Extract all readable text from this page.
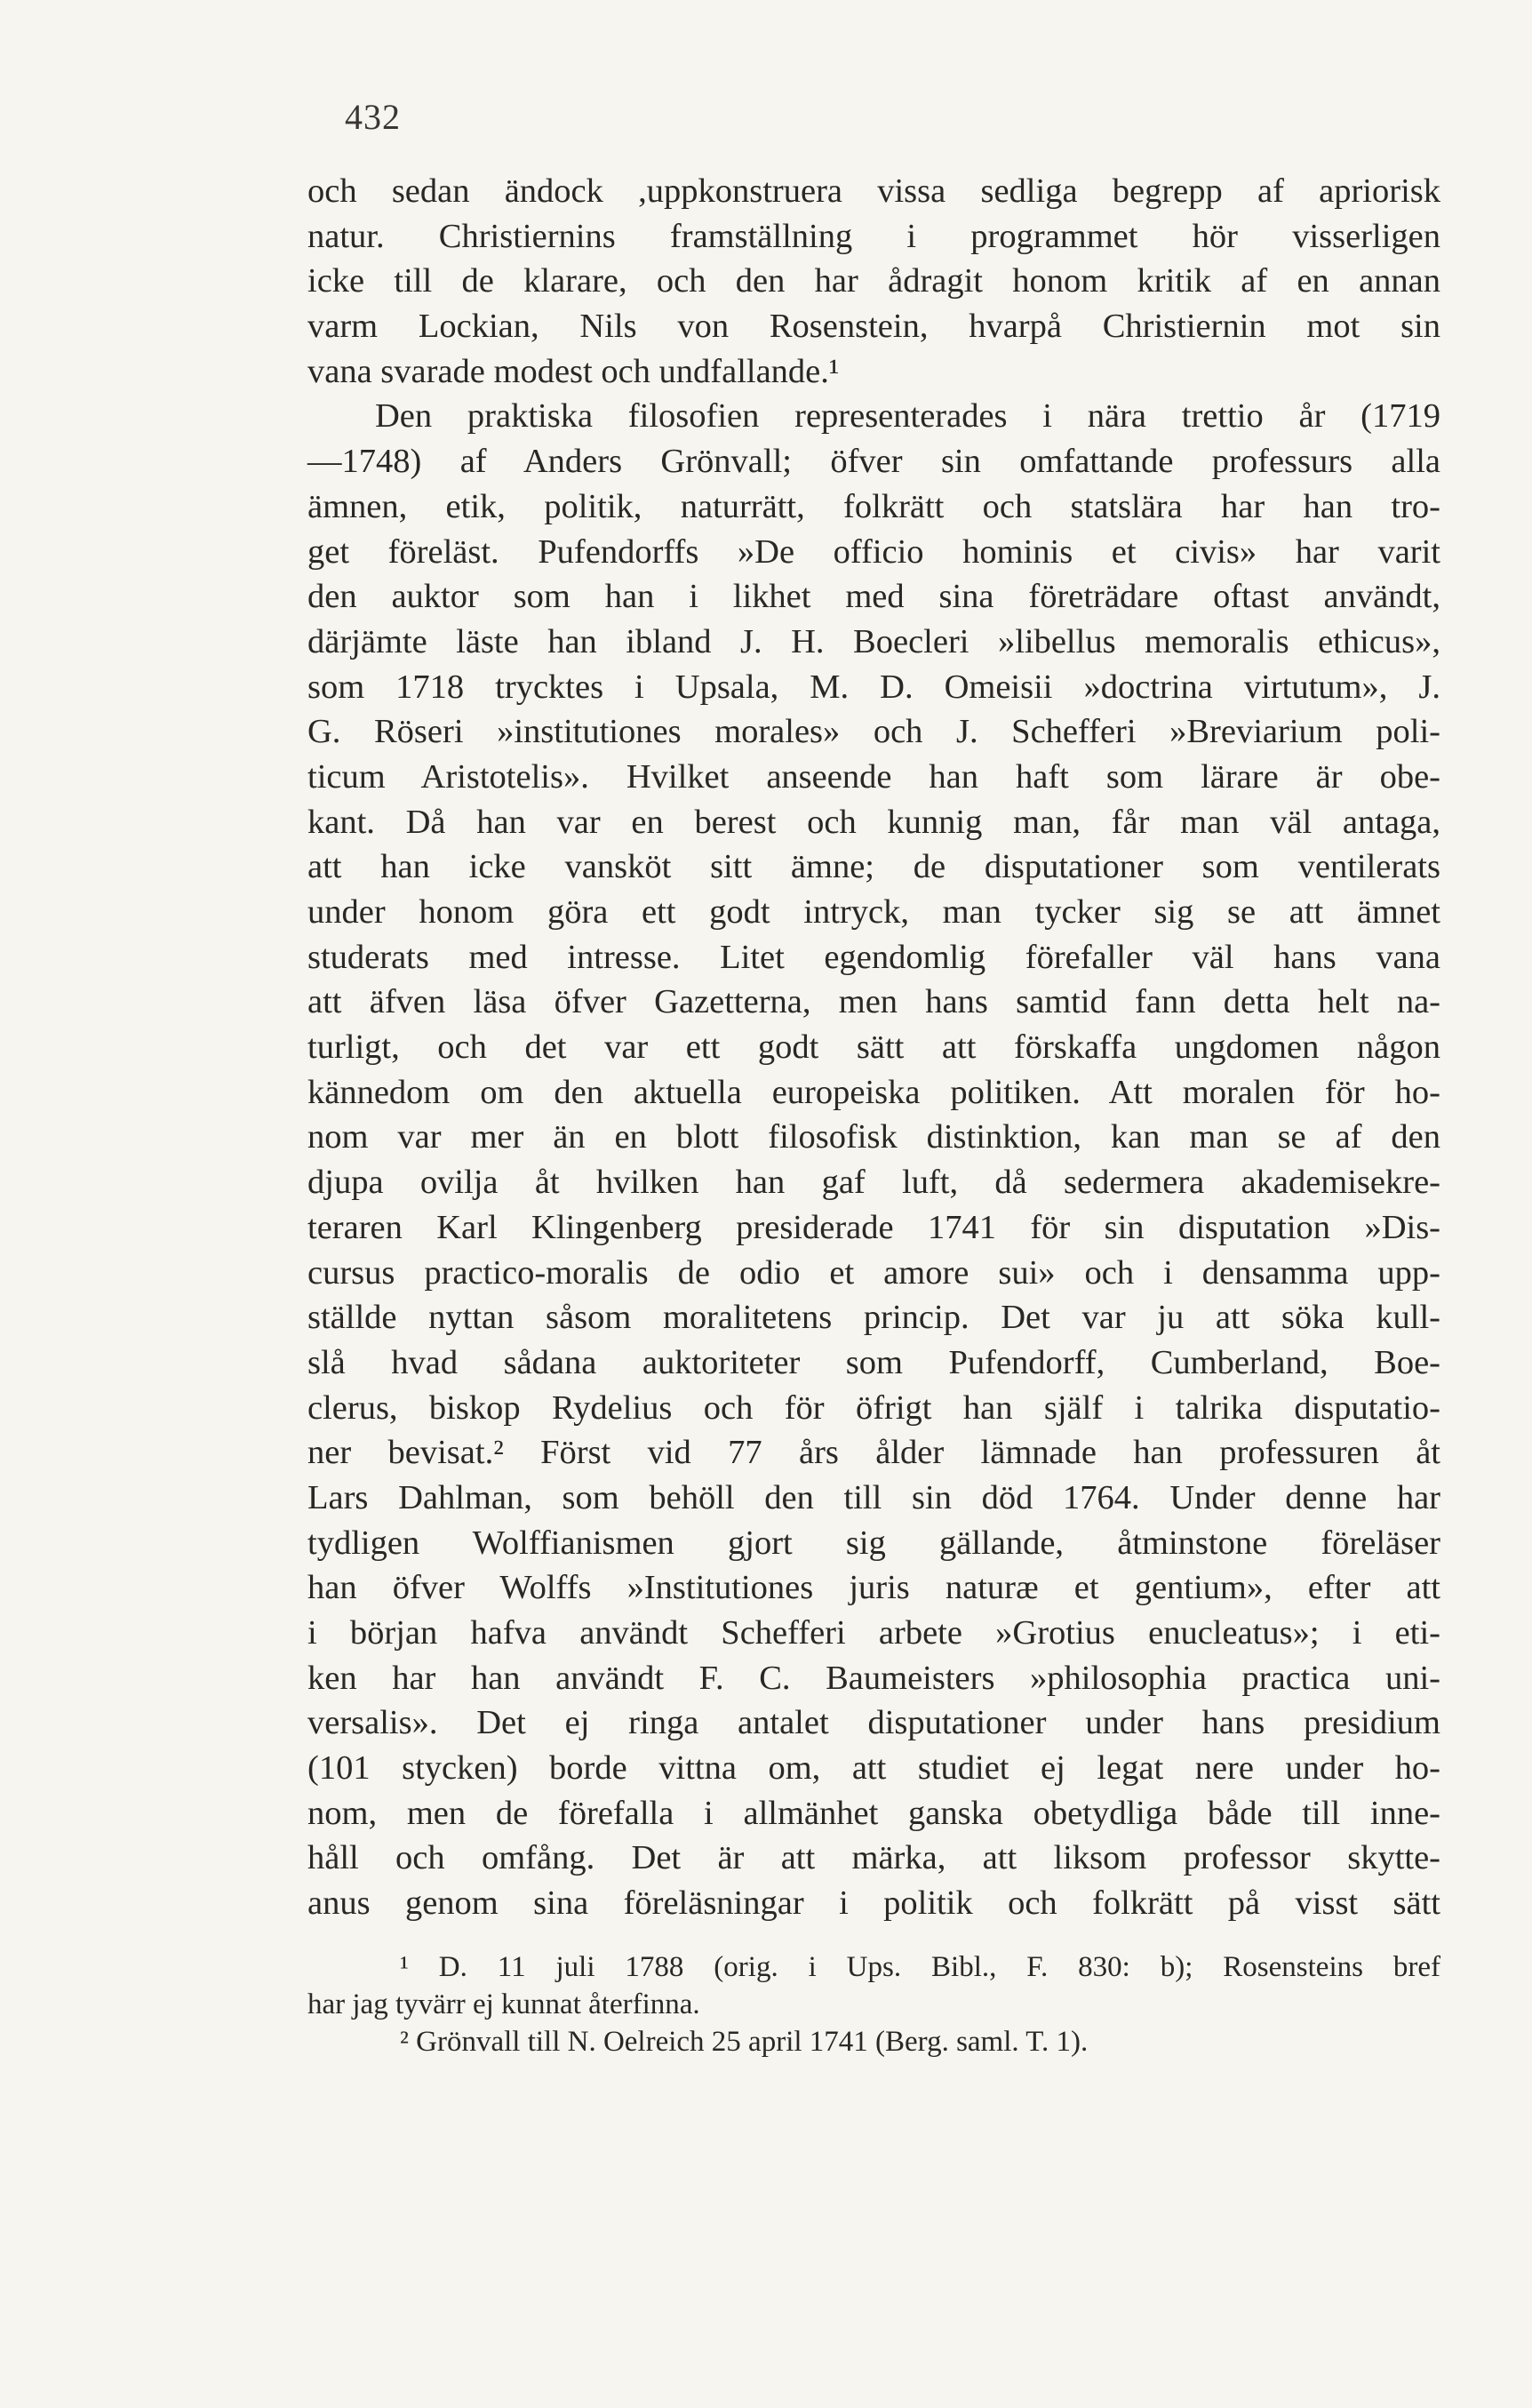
432
och sedan ändock ,uppkonstruera vissa sedliga begrepp af apriorisk
natur. Christiernins framställning i programmet hör visserligen
icke till de klarare, och den har ådragit honom kritik af en annan
varm Lockian, Nils von Rosenstein, hvarpå Christiernin mot sin
vana svarade modest och undfallande.¹
Den praktiska filosofien representerades i nära trettio år (1719
—1748) af Anders Grönvall; öfver sin omfattande professurs alla
ämnen, etik, politik, naturrätt, folkrätt och statslära har han tro-
get föreläst. Pufendorffs »De officio hominis et civis» har varit
den auktor som han i likhet med sina företrädare oftast användt,
därjämte läste han ibland J. H. Boecleri »libellus memoralis ethicus»,
som 1718 trycktes i Upsala, M. D. Omeisii »doctrina virtutum», J.
G. Röseri »institutiones morales» och J. Schefferi »Breviarium poli-
ticum Aristotelis». Hvilket anseende han haft som lärare är obe-
kant. Då han var en berest och kunnig man, får man väl antaga,
att han icke vansköt sitt ämne; de disputationer som ventilerats
under honom göra ett godt intryck, man tycker sig se att ämnet
studerats med intresse. Litet egendomlig förefaller väl hans vana
att äfven läsa öfver Gazetterna, men hans samtid fann detta helt na-
turligt, och det var ett godt sätt att förskaffa ungdomen någon
kännedom om den aktuella europeiska politiken. Att moralen för ho-
nom var mer än en blott filosofisk distinktion, kan man se af den
djupa ovilja åt hvilken han gaf luft, då sedermera akademisekre-
teraren Karl Klingenberg presiderade 1741 för sin disputation »Dis-
cursus practico-moralis de odio et amore sui» och i densamma upp-
ställde nyttan såsom moralitetens princip. Det var ju att söka kull-
slå hvad sådana auktoriteter som Pufendorff, Cumberland, Boe-
clerus, biskop Rydelius och för öfrigt han själf i talrika disputatio-
ner bevisat.² Först vid 77 års ålder lämnade han professuren åt
Lars Dahlman, som behöll den till sin död 1764. Under denne har
tydligen Wolffianismen gjort sig gällande, åtminstone föreläser
han öfver Wolffs »Institutiones juris naturæ et gentium», efter att
i början hafva användt Schefferi arbete »Grotius enucleatus»; i eti-
ken har han användt F. C. Baumeisters »philosophia practica uni-
versalis». Det ej ringa antalet disputationer under hans presidium
(101 stycken) borde vittna om, att studiet ej legat nere under ho-
nom, men de förefalla i allmänhet ganska obetydliga både till inne-
håll och omfång. Det är att märka, att liksom professor skytte-
anus genom sina föreläsningar i politik och folkrätt på visst sätt
¹ D. 11 juli 1788 (orig. i Ups. Bibl., F. 830: b); Rosensteins bref
har jag tyvärr ej kunnat återfinna.
² Grönvall till N. Oelreich 25 april 1741 (Berg. saml. T. 1).
